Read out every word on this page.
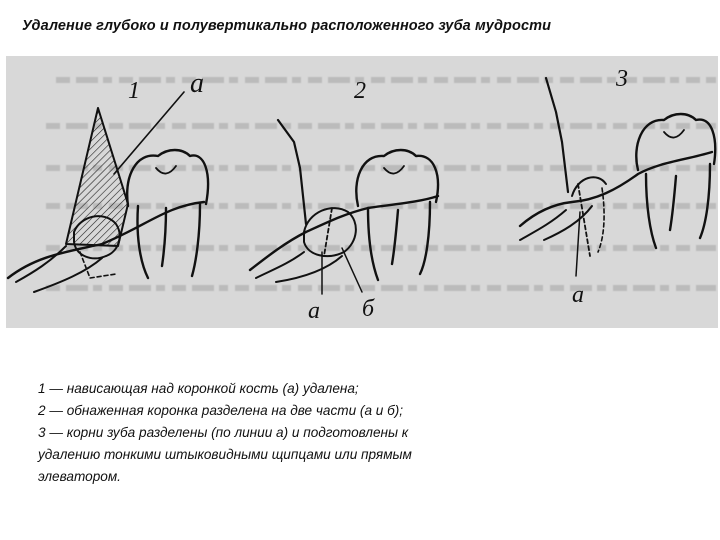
Удаление глубоко и полувертикально расположенного зуба мудрости
1 а	2
а б
3
а
1 — нависающая над коронкой кость (а) удалена;
2 — обнаженная коронка разделена на две части (а и б);
3 — корни зуба разделены (по линии а) и подготовлены к
удалению тонкими штыковидными щипцами или прямым
элеватором.
